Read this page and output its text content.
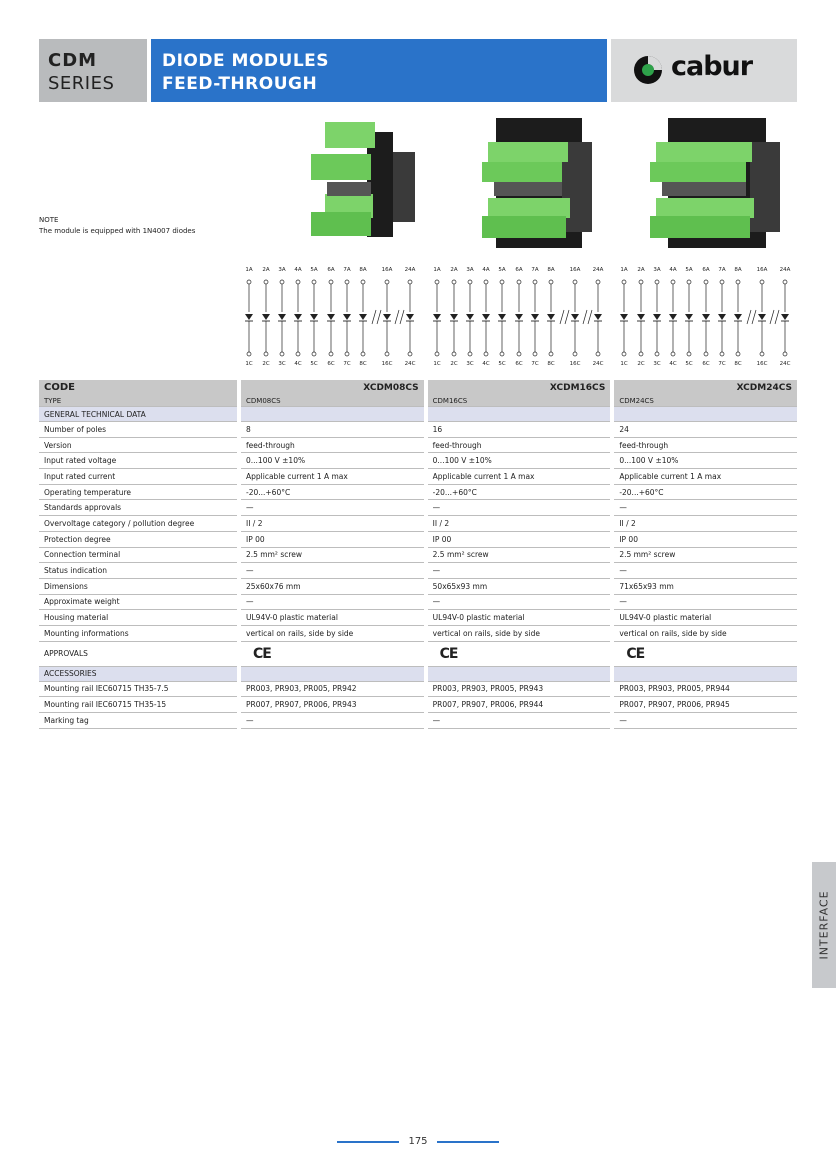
CDM
SERIES
DIODE MODULES
FEED-THROUGH
cabur
NOTE
The module is equipped with 1N4007 diodes
1A
1C
2A
2C
3A
3C
4A
4C
5A
5C
6A
6C
7A
7C
8A
8C
16A
16C
24A
24C
1A
1C
2A
2C
3A
3C
4A
4C
5A
5C
6A
6C
7A
7C
8A
8C
16A
16C
24A
24C
1A
1C
2A
2C
3A
3C
4A
4C
5A
5C
6A
6C
7A
7C
8A
8C
16A
16C
24A
24C
CODE		XCDM08CS		XCDM16CS		XCDM24CS
TYPE		CDM08CS		CDM16CS		CDM24CS
GENERAL TECHNICAL DATA						
Number of poles		8		16		24
Version		feed-through		feed-through		feed-through
Input rated voltage		0...100 V ±10%		0...100 V ±10%		0...100 V ±10%
Input rated current		Applicable current 1 A max		Applicable current 1 A max		Applicable current 1 A max
Operating temperature		-20...+60°C		-20...+60°C		-20...+60°C
Standards approvals		—		—		—
Overvoltage category / pollution degree		II / 2		II / 2		II / 2
Protection degree		IP 00		IP 00		IP 00
Connection terminal		2.5 mm² screw		2.5 mm² screw		2.5 mm² screw
Status indication		—		—		—
Dimensions		25x60x76 mm		50x65x93 mm		71x65x93 mm
Approximate weight		—		—		—
Housing material		UL94V-0 plastic material		UL94V-0 plastic material		UL94V-0 plastic material
Mounting informations		vertical on rails, side by side		vertical on rails, side by side		vertical on rails, side by side
APPROVALS		CE		CE		CE
ACCESSORIES						
Mounting rail IEC60715 TH35-7.5		PR003, PR903, PR005, PR942		PR003, PR903, PR005, PR943		PR003, PR903, PR005, PR944
Mounting rail IEC60715 TH35-15		PR007, PR907, PR006, PR943		PR007, PR907, PR006, PR944		PR007, PR907, PR006, PR945
Marking tag		—		—		—
INTERFACE
175
